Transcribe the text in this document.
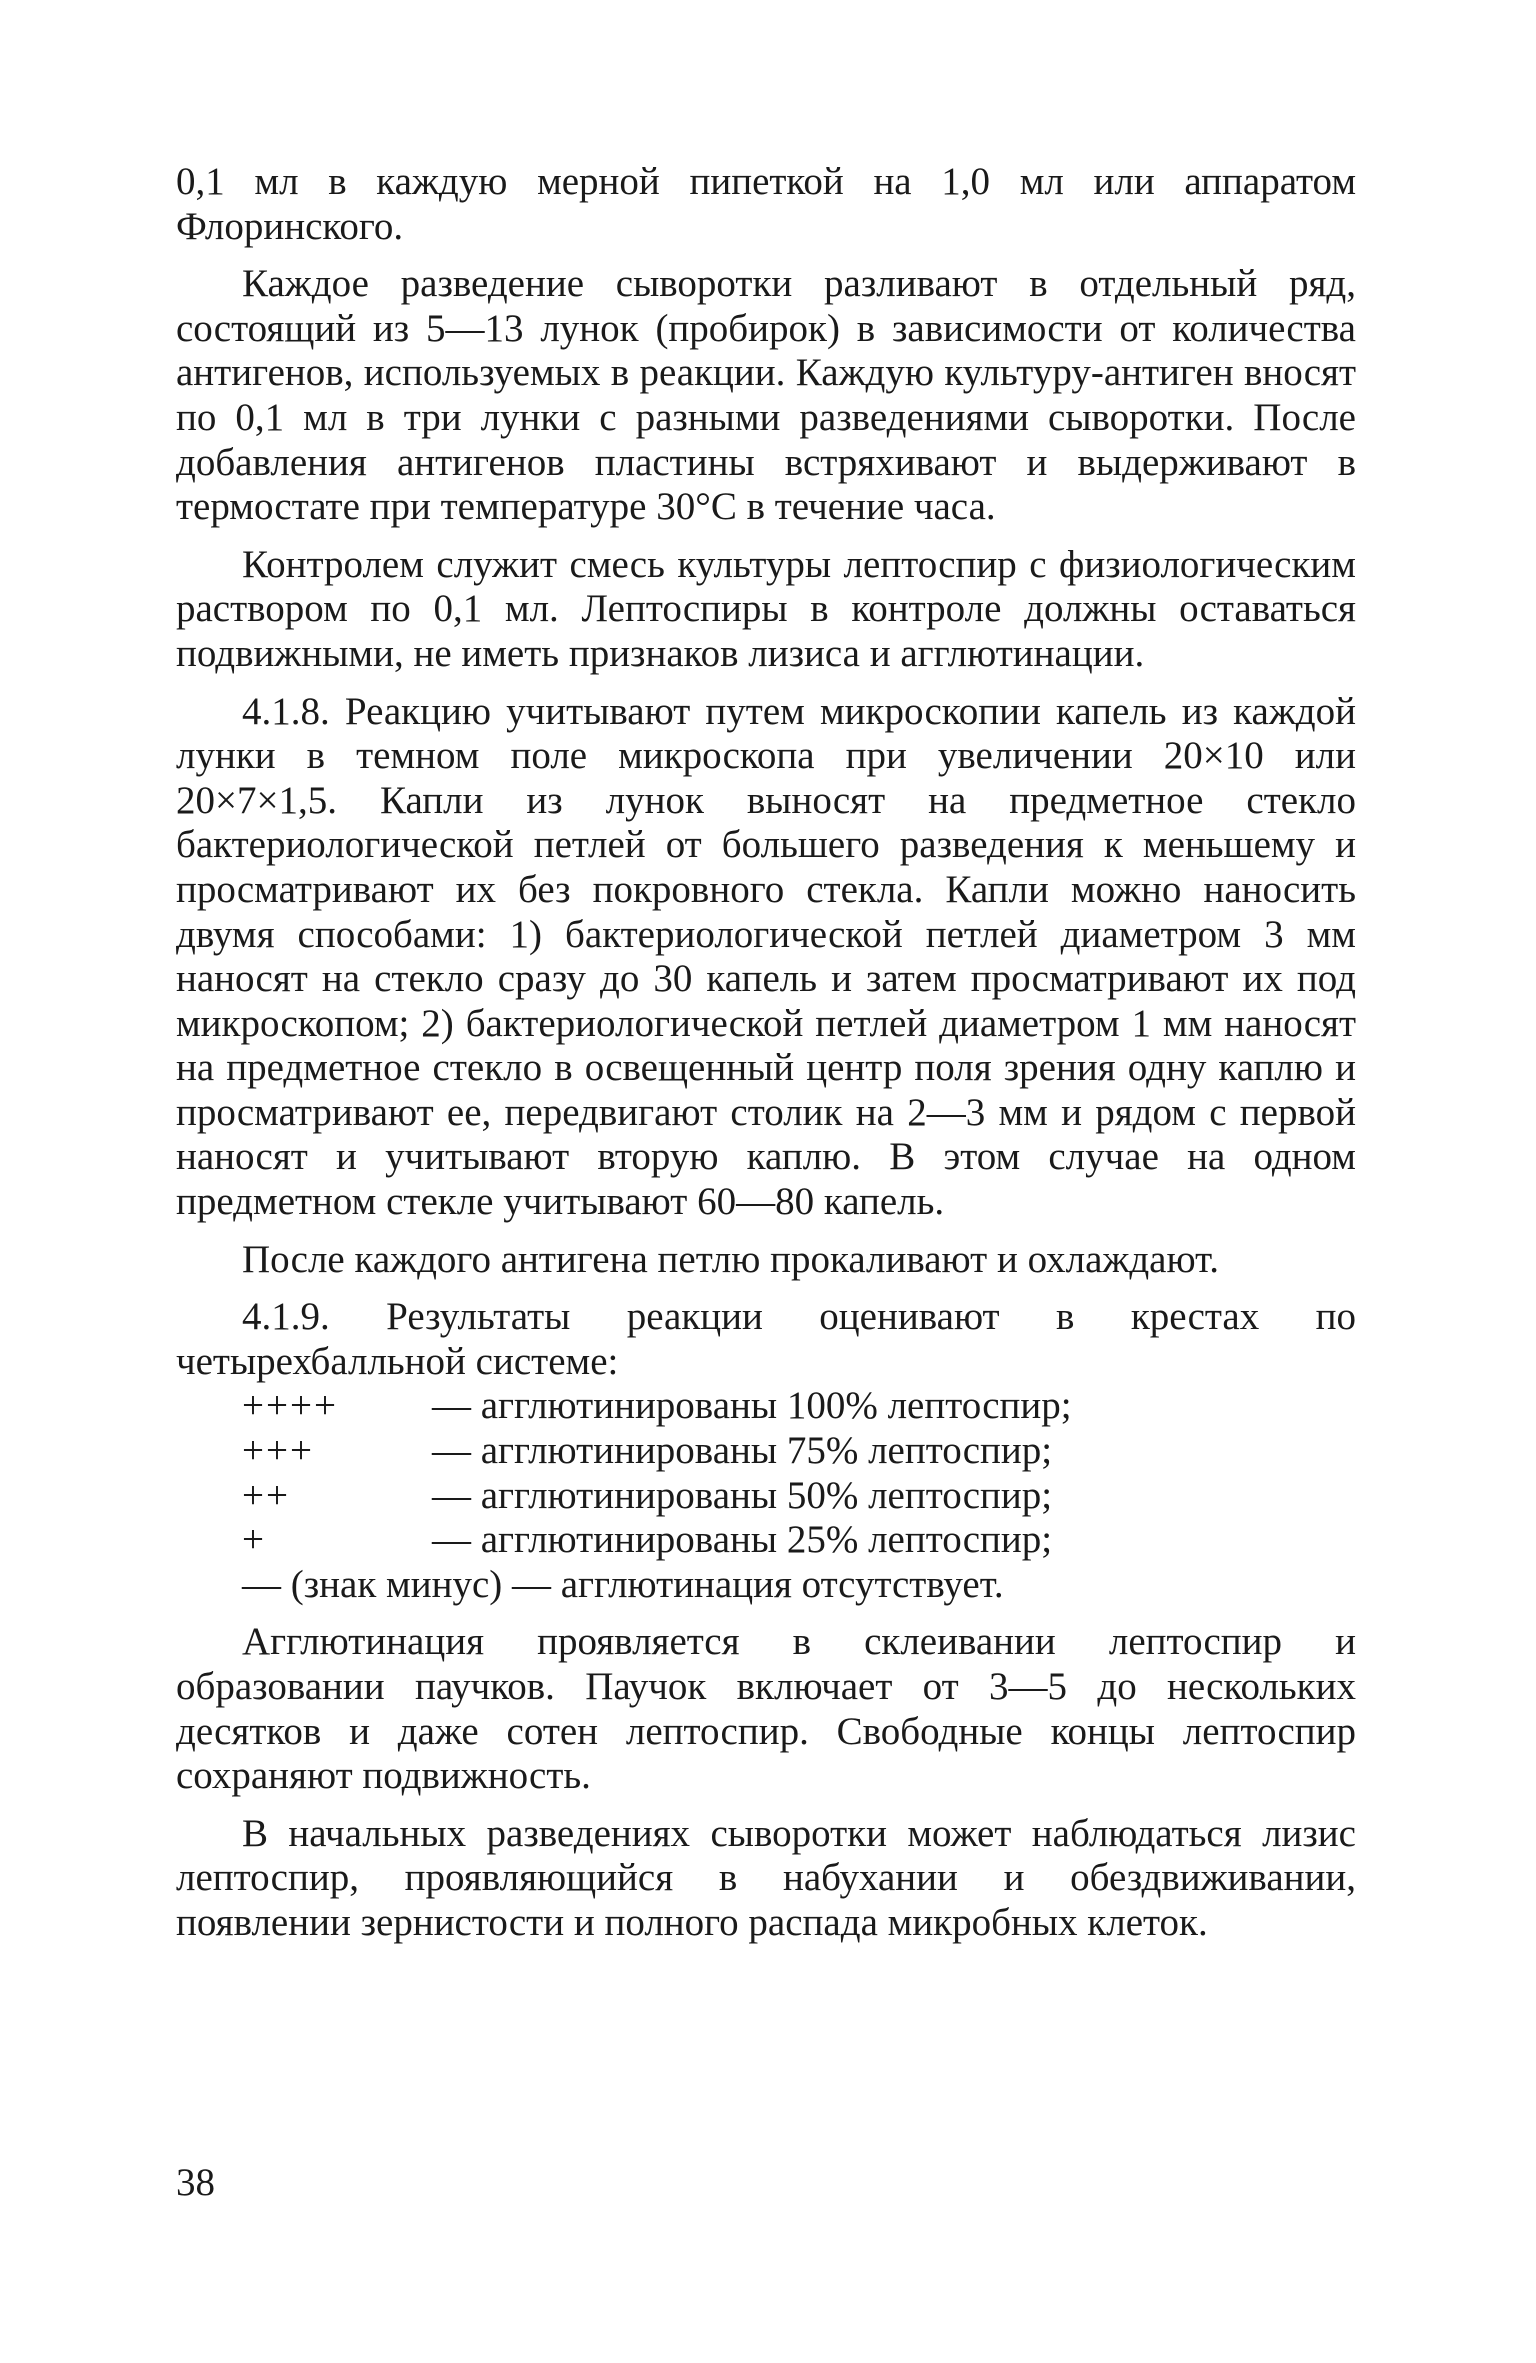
0,1 мл в каждую мерной пипеткой на 1,0 мл или аппаратом Флоринского.

Каждое разведение сыворотки разливают в отдельный ряд, состоящий из 5—13 лунок (пробирок) в зависимости от количества антигенов, используемых в реакции. Каждую культуру-антиген вносят по 0,1 мл в три лунки с разными разведениями сыворотки. После добавления антигенов пластины встряхивают и выдерживают в термостате при температуре 30°С в течение часа.

Контролем служит смесь культуры лептоспир с физиологическим раствором по 0,1 мл. Лептоспиры в контроле должны оставаться подвижными, не иметь признаков лизиса и агглютинации.

4.1.8. Реакцию учитывают путем микроскопии капель из каждой лунки в темном поле микроскопа при увеличении 20×10 или 20×7×1,5. Капли из лунок выносят на предметное стекло бактериологической петлей от большего разведения к меньшему и просматривают их без покровного стекла. Капли можно наносить двумя способами: 1) бактериологической петлей диаметром 3 мм наносят на стекло сразу до 30 капель и затем просматривают их под микроскопом; 2) бактериологической петлей диаметром 1 мм наносят на предметное стекло в освещенный центр поля зрения одну каплю и просматривают ее, передвигают столик на 2—3 мм и рядом с первой наносят и учитывают вторую каплю. В этом случае на одном предметном стекле учитывают 60—80 капель.

После каждого антигена петлю прокаливают и охлаждают.

4.1.9. Результаты реакции оценивают в крестах по четырехбалльной системе:

++++	— агглютинированы 100% лептоспир;
+++	— агглютинированы 75% лептоспир;
++	— агглютинированы 50% лептоспир;
+	— агглютинированы 25% лептоспир;

— (знак минус) — агглютинация отсутствует.

Агглютинация проявляется в склеивании лептоспир и образовании паучков. Паучок включает от 3—5 до нескольких десятков и даже сотен лептоспир. Свободные концы лептоспир сохраняют подвижность.

В начальных разведениях сыворотки может наблюдаться лизис лептоспир, проявляющийся в набухании и обездвиживании, появлении зернистости и полного распада микробных клеток.

38
